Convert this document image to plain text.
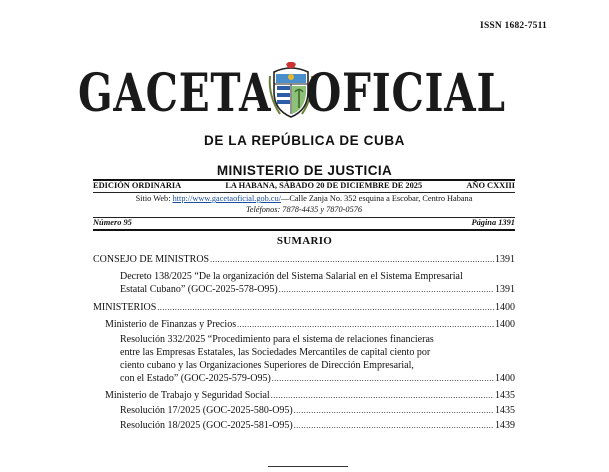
ISSN 1682-7511
GACETA OFICIAL
DE LA REPÚBLICA DE CUBA
MINISTERIO DE JUSTICIA
EDICIÓN ORDINARIA	LA HABANA, SÁBADO 20 DE DICIEMBRE DE 2025	AÑO CXXIII
Sitio Web: http://www.gacetaoficial.gob.cu/—Calle Zanja No. 352 esquina a Escobar, Centro Habana
Teléfonos: 7878-4435 y 7870-0576
Número 95	Página 1391
SUMARIO
CONSEJO DE MINISTROS .....	1391
Decreto 138/2025 “De la organización del Sistema Salarial en el Sistema Empresarial
Estatal Cubano” (GOC-2025-578-O95) .....	1391
MINISTERIOS .....	1400
Ministerio de Finanzas y Precios .....	1400
Resolución 332/2025 “Procedimiento para el sistema de relaciones financieras
entre las Empresas Estatales, las Sociedades Mercantiles de capital ciento por
ciento cubano y las Organizaciones Superiores de Dirección Empresarial,
con el Estado” (GOC-2025-579-O95) .....	1400
Ministerio de Trabajo y Seguridad Social .....	1435
Resolución 17/2025 (GOC-2025-580-O95) .....	1435
Resolución 18/2025 (GOC-2025-581-O95) .....	1439
